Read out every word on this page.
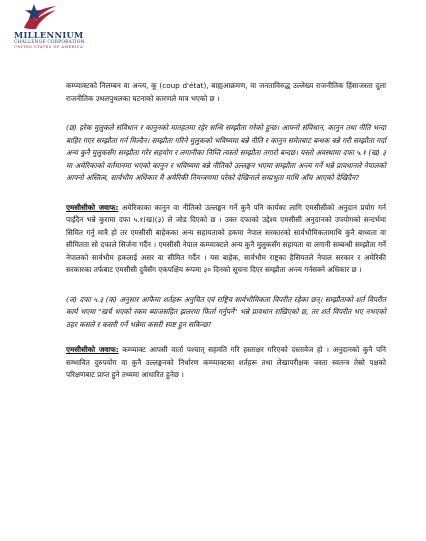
MILLENNIUM
CHALLENGE CORPORATION
UNITED STATES OF AMERICA

कम्प्याक्टको निलम्बन वा अन्त्य, कू (coup d'état), बाह्यआक्रमण, वा जनताविरुद्ध उल्लेख्य राजनीतिक हिंसाजस्ता दूला राजनीतिक उथलपुथलका घटनाको कारणले मात्र भएको छ ।

(छ) हरेक मुलुकले संविधान र कानुनको मातहतमा रहेर सन्धि सम्झौता गरेको हुन्छ। आफ्नो संविधान, कानुन तथा नीति भन्दा बाहिर गएर सम्झौता गर्न मिल्दैन। सम्झौता गरिने मुलुकको भविष्यमा बन्ने नीति र कानुन समेतबाट बन्धक बन्ने गरी सम्झौता गर्दा अन्य कुनै मुलुकसँग सम्झौता गरेर सहयोग र लगानीका निम्ति त्यस्तो सम्झौता तगारो बन्दछ। यस्तो अवस्थामा दफा ५.१ (ख) ३ मा अमेरिकाको वर्तमानमा भएको कानुन र भविष्यमा बन्ने नीतिको उल्लङ्घन भएमा सम्झौता अन्त्य गर्ने भन्ने प्रावधानले नेपालको आफ्नो अस्तित्व, सार्वभौम अधिकार मै अमेरिकी नियन्त्रणमा परेको देखिनाले सम्प्रभुता माथि आँच आएको देखिदैन?

एमसीसीको जवाफ: अमेरिकाका कानुन वा नीतिको उल्लङ्घन गर्ने कुनै पनि कार्यका लागि एमसीसीको अनुदान प्रयोग गर्न पाईंदैन भन्ने कुरामा दफा ५.१(ख)(३) ले जोड दिएको छ । उक्त दफाको उद्देश्य एमसीसी अनुदानको उपयोगको सन्दर्भमा सिमित गर्नु मात्रै हो तर एमसीसी बाहेकका अन्य सहायताको हकमा नेपाल सरकारको सार्वभौमिकतामाथि कुनै बाध्यता वा सीमितता सो दफाले सिर्जना गर्दैन । एमसीसी नेपाल कम्प्याक्टले अन्य कुनै मुलुकसँग सहायता वा लगानी सम्बन्धी सम्झौता गर्ने नेपालको सार्वभौम हकलाई असर वा सीमित गर्दैन । यस बाहेक, सार्वभौम राष्ट्रका हैसियतले नेपाल सरकार र अमेरिकी सरकारका तर्फबाट एमसीसी दुवैसँग एकपक्षिय रूपमा ३० दिनको सूचना दिएर सम्झौता अन्त्य गर्नसक्ने अधिकार छ ।

(ज) दफा ५.३ (क) अनुसार आफैमा शर्तहरू अनुचित एवं राष्ट्रिय सार्वभौमिकता विपरीत रहेका छन्। सम्झौताको शर्त विपरीत कार्य भएमा "खर्च भएको रकम ब्याजसहित झलरमा फिर्ता गर्नुपर्ने" भन्ने प्रावधान राखिएको छ, तर शर्त विपरीत भए नभएको ठहर कसले र कसरी गर्ने भन्नेमा कसरी स्पष्ट हुन सकिन्छ?

एमसीसीको जवाफ: कम्प्याक्ट आपसी वार्ता पश्चात् सहमति गरि हस्ताक्षर गरिएको दस्तावेज हो । अनुदानको कुनै पनि सम्भावित दुरुपयोग वा कुनै उल्लङ्घनको निर्धारण कम्प्याक्टका शर्तहरू तथा लेखापरीक्षक जस्ता स्वतन्त्र तेस्रो पक्षको परिक्षणबाट प्राप्त हुने तथ्यमा आधारित हुनेछ ।
